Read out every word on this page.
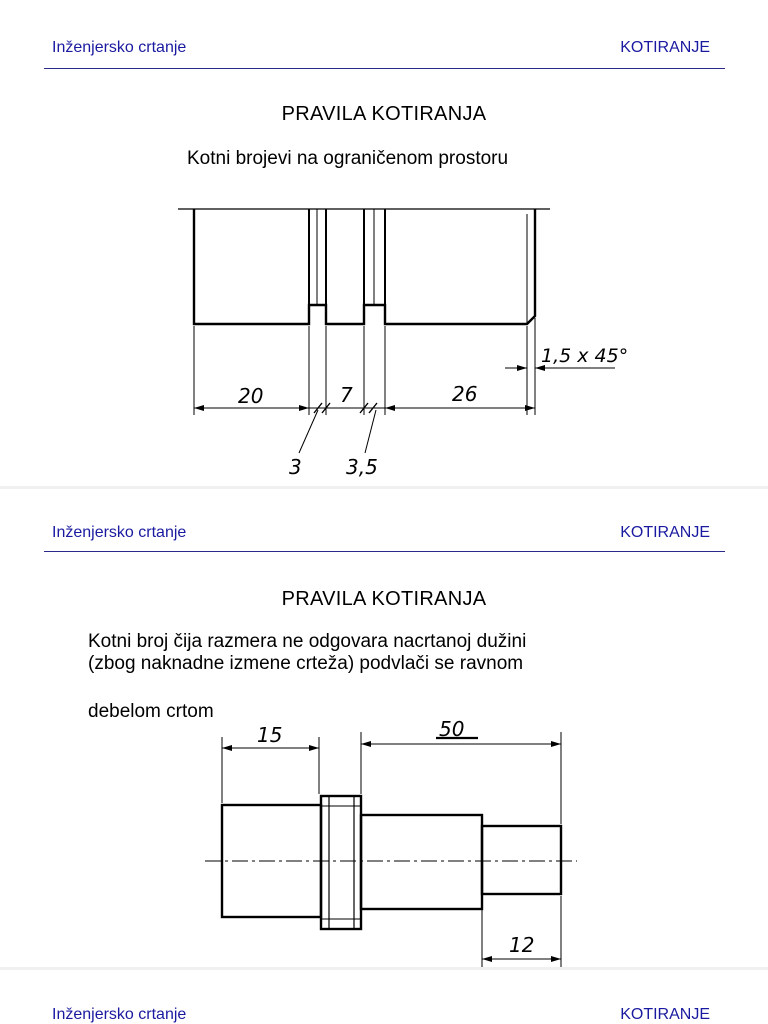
Inženjersko crtanje	KOTIRANJE
PRAVILA KOTIRANJA
Kotni brojevi na ograničenom prostoru
20	7	26
3 3,5
1,5 x 45°
Inženjersko crtanje	KOTIRANJE
PRAVILA KOTIRANJA
Kotni broj čija razmera ne odgovara nacrtanoj dužini
(zbog naknadne izmene crteža) podvlači se ravnom
debelom crtom
15	50
12
Inženjersko crtanje	KOTIRANJE
